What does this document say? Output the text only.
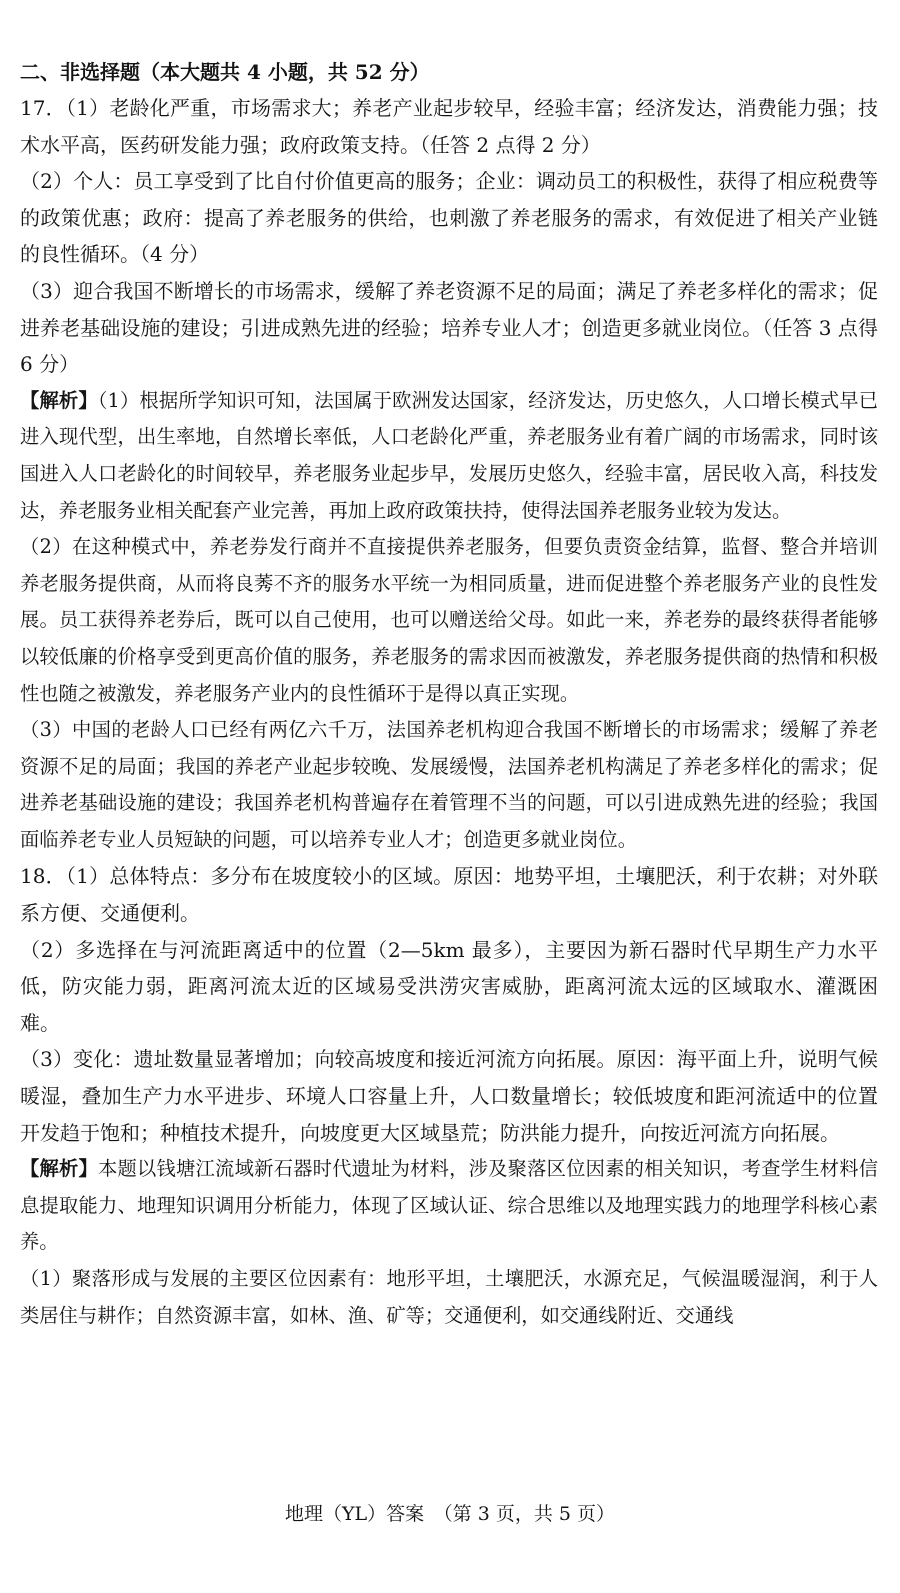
二、非选择题（本大题共 4 小题，共 52 分）

17．（1）老龄化严重，市场需求大；养老产业起步较早，经验丰富；经济发达，消费能力强；技术水平高，医药研发能力强；政府政策支持。（任答 2 点得 2 分）

（2）个人：员工享受到了比自付价值更高的服务；企业：调动员工的积极性，获得了相应税费等的政策优惠；政府：提高了养老服务的供给，也刺激了养老服务的需求，有效促进了相关产业链的良性循环。（4 分）

（3）迎合我国不断增长的市场需求，缓解了养老资源不足的局面；满足了养老多样化的需求；促进养老基础设施的建设；引进成熟先进的经验；培养专业人才；创造更多就业岗位。（任答 3 点得 6 分）

【解析】（1）根据所学知识可知，法国属于欧洲发达国家，经济发达，历史悠久，人口增长模式早已进入现代型，出生率地，自然增长率低，人口老龄化严重，养老服务业有着广阔的市场需求，同时该国进入人口老龄化的时间较早，养老服务业起步早，发展历史悠久，经验丰富，居民收入高，科技发达，养老服务业相关配套产业完善，再加上政府政策扶持，使得法国养老服务业较为发达。

（2）在这种模式中，养老券发行商并不直接提供养老服务，但要负责资金结算，监督、整合并培训养老服务提供商，从而将良莠不齐的服务水平统一为相同质量，进而促进整个养老服务产业的良性发展。员工获得养老券后，既可以自己使用，也可以赠送给父母。如此一来，养老券的最终获得者能够以较低廉的价格享受到更高价值的服务，养老服务的需求因而被激发，养老服务提供商的热情和积极性也随之被激发，养老服务产业内的良性循环于是得以真正实现。

（3）中国的老龄人口已经有两亿六千万，法国养老机构迎合我国不断增长的市场需求；缓解了养老资源不足的局面；我国的养老产业起步较晚、发展缓慢，法国养老机构满足了养老多样化的需求；促进养老基础设施的建设；我国养老机构普遍存在着管理不当的问题，可以引进成熟先进的经验；我国面临养老专业人员短缺的问题，可以培养专业人才；创造更多就业岗位。

18．（1）总体特点：多分布在坡度较小的区域。原因：地势平坦，土壤肥沃，利于农耕；对外联系方便、交通便利。

（2）多选择在与河流距离适中的位置（2—5km 最多），主要因为新石器时代早期生产力水平低，防灾能力弱，距离河流太近的区域易受洪涝灾害威胁，距离河流太远的区域取水、灌溉困难。

（3）变化：遗址数量显著增加；向较高坡度和接近河流方向拓展。原因：海平面上升，说明气候暖湿，叠加生产力水平进步、环境人口容量上升，人口数量增长；较低坡度和距河流适中的位置开发趋于饱和；种植技术提升，向坡度更大区域垦荒；防洪能力提升，向按近河流方向拓展。

【解析】本题以钱塘江流域新石器时代遗址为材料，涉及聚落区位因素的相关知识，考查学生材料信息提取能力、地理知识调用分析能力，体现了区域认证、综合思维以及地理实践力的地理学科核心素养。

（1）聚落形成与发展的主要区位因素有：地形平坦，土壤肥沃，水源充足，气候温暖湿润，利于人类居住与耕作；自然资源丰富，如林、渔、矿等；交通便利，如交通线附近、交通线

地理（YL）答案　（第 3 页，共 5 页）
